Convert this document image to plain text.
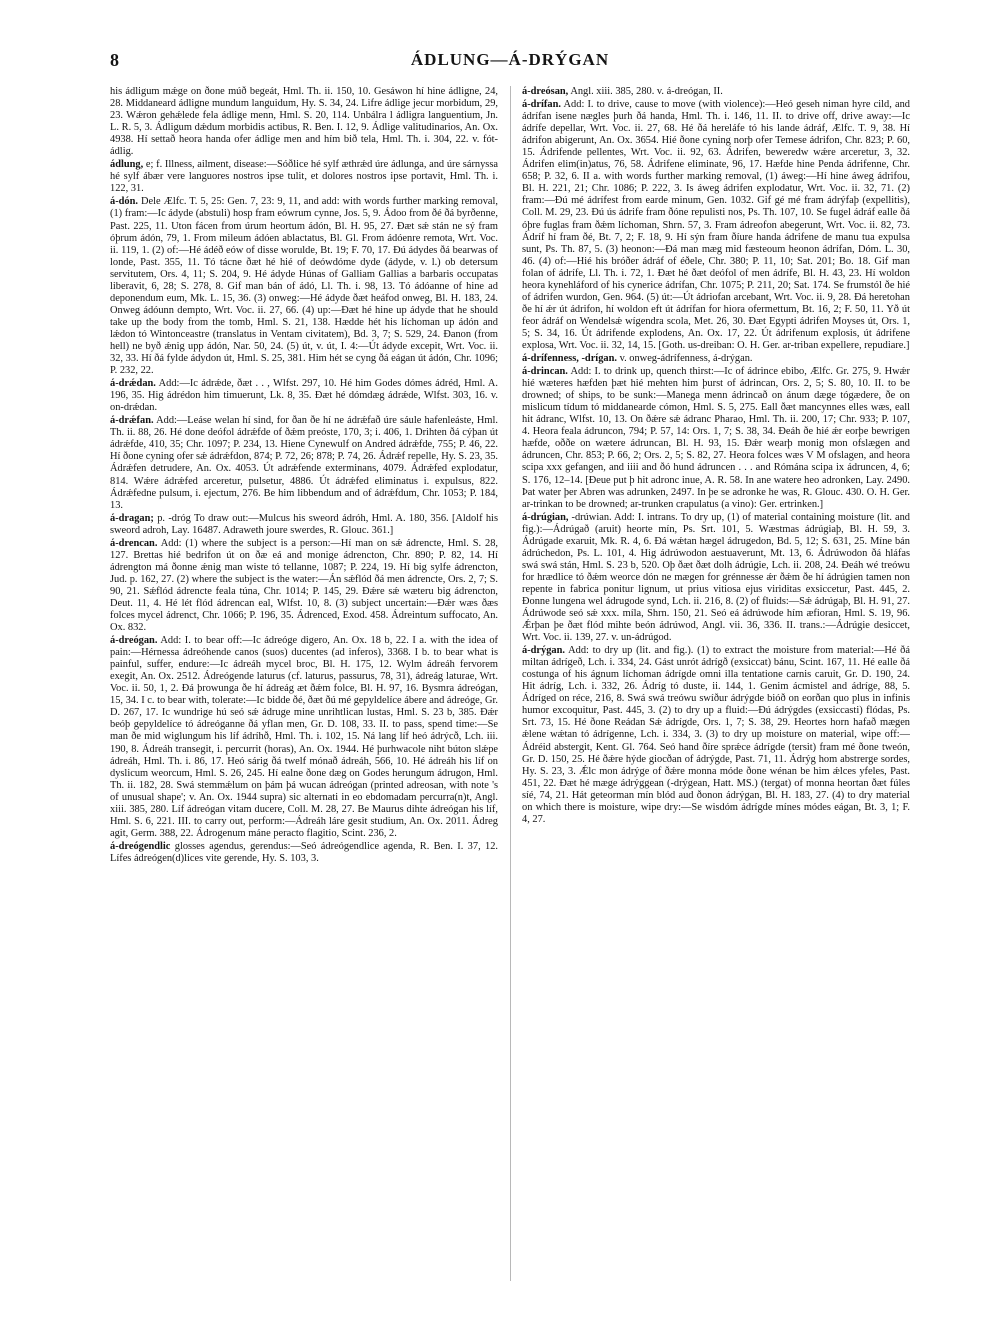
8	ÁDLUNG—Á-DRÝGAN

his ádligum mǽge on ðone múð begeát, Hml. Th. ii. 150, 10. Gesáwon hí hine ádligne, 24, 28. Middaneard ádligne mundum languidum, Hy. S. 34, 24. Lifre ádlige jecur morbidum, 29, 23. Wǽron gehǽlede fela ádlige menn, Hml. S. 20, 114. Unbálra l ádligra languentium, Jn. L. R. 5, 3. Ádligum dǽdum morbidis actibus, R. Ben. I. 12, 9. Ádlige valitudinarios, An. Ox. 4938. Hí settað heora handa ofer ádlige men and hím bið tela, Hml. Th. i. 304, 22. v. fót-ádlig.

ádlung, e; f. Illness, ailment, disease:—Sóðlice hé sylf æthrǽd úre ádlunga, and úre sárnyssa hé sylf ábær vere languores nostros ipse tulit, et dolores nostros ipse portavit, Hml. Th. i. 122, 31.

á-dón. Dele Ælfc. T. 5, 25: Gen. 7, 23: 9, 11, and add: with words further marking removal, (1) fram:—Ic ádyde (abstuli) hosp fram eówrum cynne, Jos. 5, 9. Ádoo from ðé ðá byrðenne, Past. 225, 11. Uton fácen from úrum heortum ádón, Bl. H. 95, 27. Ðæt sǽ stán ne sý fram óþrum ádón, 79, 1. From mileum ádóen ablactatus, Bl. Gl. From ádóenre remota, Wrt. Voc. ii. 119, 1. (2) of:—Hé ádéð eów of disse worulde, Bt. 19; F. 70, 17. Ðú ádydes ðá bearwas of londe, Past. 355, 11. Tó tácne ðæt hé hié of deówdóme dyde (ádyde, v. l.) ob detersum servitutem, Ors. 4, 11; S. 204, 9. Hé ádyde Húnas of Galliam Gallias a barbaris occupatas liberavit, 6, 28; S. 278, 8. Gif man bán of ádó, Ll. Th. i. 98, 13. Tó ádóanne of hine ad deponendum eum, Mk. L. 15, 36. (3) onweg:—Hé ádyde ðæt heáfod onweg, Bl. H. 183, 24. Onweg ádóunn dempto, Wrt. Voc. ii. 27, 66. (4) up:—Ðæt hé hine up ádyde that he should take up the body from the tomb, Hml. S. 21, 138. Hædde hét his líchoman up ádón and lǽdon tó Wintonceastre (translatus in Ventam civitatem), Bd. 3, 7; S. 529, 24. Ðanon (from hell) ne byð ǽnig upp ádón, Nar. 50, 24. (5) út, v. út, I. 4:—Út ádyde excepit, Wrt. Voc. ii. 32, 33. Hí ðá fylde ádydon út, Hml. S. 25, 381. Him hét se cyng ðá eágan út ádón, Chr. 1096; P. 232, 22.

á-drǽdan. Add:—Ic ádrǽde, ðæt . . , Wlfst. 297, 10. Hé him Godes dómes ádréd, Hml. A. 196, 35. Hig ádrédon him timuerunt, Lk. 8, 35. Ðæt hé dómdæg ádrǽde, Wlfst. 303, 16. v. on-drǽdan.

á-drǽfan. Add:—Leáse welan hí sind, for ðan ðe hí ne ádrǽfað úre sáule hafenleáste, Hml. Th. ii. 88, 26. Hé done deófol ádrǽfde of ðǽm preóste, 170, 3; i. 406, 1. Drihten ðá cýþan út ádrǽfde, 410, 35; Chr. 1097; P. 234, 13. Hiene Cynewulf on Andred ádrǽfde, 755; P. 46, 22. Hí ðone cyning ofer sǽ ádrǽfdon, 874; P. 72, 26; 878; P. 74, 26. Ádrǽf repelle, Hy. S. 23, 35. Ádrǽfen detrudere, An. Ox. 4053. Út adrǽfende exterminans, 4079. Ádrǽfed explodatur, 814. Wǽre ádrǽfed arceretur, pulsetur, 4886. Út ádrǽfed eliminatus i. expulsus, 822. Ádrǽfedne pulsum, i. ejectum, 276. Be him libbendum and of ádrǽfdum, Chr. 1053; P. 184, 13.

á-dragan; p. -dróg To draw out:—Mulcus his sweord ádróh, Hml. A. 180, 356. [Aldolf his sweord adroh, Lay. 16487. Adraweth joure swerdes, R. Glouc. 361.]

á-drencan. Add: (1) where the subject is a person:—Hí man on sǽ ádrencte, Hml. S. 28, 127. Brettas hié bedrifon út on ðæ eá and monige ádrencton, Chr. 890; P. 82, 14. Hí ádrengton má ðonne ǽnig man wiste tó tellanne, 1087; P. 224, 19. Hí big sylfe ádrencton, Jud. p. 162, 27. (2) where the subject is the water:—Án sǽflód ðá men ádrencte, Ors. 2, 7; S. 90, 21. Sǽflód ádrencte feala túna, Chr. 1014; P. 145, 29. Ðǽre sǽ wæteru big ádrencton, Deut. 11, 4. Hé lét flód ádrencan eal, Wlfst. 10, 8. (3) subject uncertain:—Ðǽr wæs ðæs folces mycel ádrenct, Chr. 1066; P. 196, 35. Ádrenced, Exod. 458. Ádreintum suffocato, An. Ox. 832.

á-dreógan. Add: I. to bear off:—Ic ádreóge digero, An. Ox. 18 b, 22. I a. with the idea of pain:—Hérnessa ádreóhende canos (suos) ducentes (ad inferos), 3368. I b. to bear what is painful, suffer, endure:—Ic ádreáh mycel broc, Bl. H. 175, 12. Wylm ádreáh fervorem exegit, An. Ox. 2512. Ádreógende laturus (cf. laturus, passurus, 78, 31), ádreág laturae, Wrt. Voc. ii. 50, 1, 2. Ðá þrowunga ðe hí ádreág æt ðǽm folce, Bl. H. 97, 16. Bysmra ádreógan, 15, 34. I c. to bear with, tolerate:—Ic bidde ðé, ðæt ðú mé gepyldelíce ábere and ádreóge, Gr. D. 267, 17. Ic wundrige hú seó sǽ ádruge mine unrihtlican lustas, Hml. S. 23 b, 385. Ðǽr beóþ gepyldelíce tó ádreóganne ðá yflan men, Gr. D. 108, 33. II. to pass, spend time:—Se man ðe mid wiglungum his líf ádríhð, Hml. Th. i. 102, 15. Ná lang líf heó ádrýcð, Lch. iii. 190, 8. Ádreáh transegit, i. percurrit (horas), An. Ox. 1944. Hé þurhwacole niht búton slǽpe ádreáh, Hml. Th. i. 86, 17. Heó sárig ðá twelf mónað ádreáh, 566, 10. Hé ádreáh his líf on dyslicum weorcum, Hml. S. 26, 245. Hí ealne ðone dæg on Godes herungum ádrugon, Hml. Th. ii. 182, 28. Swá stemmǽlum on þám þá wucan ádreógan (printed adreosan, with note 's of unusual shape'; v. An. Ox. 1944 supra) sic alternati in eo ebdomadam percurra(n)t, Angl. xiii. 385, 280. Líf ádreógan vitam ducere, Coll. M. 28, 27. Be Maurus dihte ádreógan his líf, Hml. S. 6, 221. III. to carry out, perform:—Ádreáh láre gesit studium, An. Ox. 2011. Ádreg agit, Germ. 388, 22. Ádrogenum máne peracto flagitio, Scint. 236, 2.

á-dreógendlic glosses agendus, gerendus:—Seó ádreógendlice agenda, R. Ben. I. 37, 12. Lífes ádreógen(d)lices vite gerende, Hy. S. 103, 3.

á-dreósan, Angl. xiii. 385, 280. v. á-dreógan, II.

á-drífan. Add: I. to drive, cause to move (with violence):—Heó geseh niman hyre cild, and ádrífan isene nægles þurh ðá handa, Hml. Th. i. 146, 11. II. to drive off, drive away:—Ic ádrífe depellar, Wrt. Voc. ii. 27, 68. Hé ðá hereláfe tó his lande ádráf, Ælfc. T. 9, 38. Hí ádrifon abigerunt, An. Ox. 3654. Hié ðone cyning norþ ofer Temese ádrifon, Chr. 823; P. 60, 15. Ádrifende pellentes, Wrt. Voc. ii. 92, 63. Ádrifen, beweredw wǽre arceretur, 3, 32. Ádrifen elim(in)atus, 76, 58. Ádrifene eliminate, 96, 17. Hæfde hine Penda ádrifenne, Chr. 658; P. 32, 6. II a. with words further marking removal, (1) áweg:—Hí hine áweg ádrifou, Bl. H. 221, 21; Chr. 1086; P. 222, 3. Is áweg ádrifen explodatur, Wrt. Voc. ii. 32, 71. (2) fram:—Ðú mé ádrífest from earde minum, Gen. 1032. Gif gé mé fram ádrýfaþ (expellitis), Coll. M. 29, 23. Ðú ús ádrife fram ðóne repulisti nos, Ps. Th. 107, 10. Se fugel ádráf ealle ðá óþre fuglas fram ðǽm líchoman, Shrn. 57, 3. Fram ádreofon abegerunt, Wrt. Voc. ii. 82, 73. Ádríf hí fram ðé, Bt. 7, 2; F. 18, 9. Hí sýn fram ðíure handa ádrifene de manu tua expulsa sunt, Ps. Th. 87, 5. (3) heonon:—Ðá man mæg mid fæsteoum heonon ádrífan, Dóm. L. 30, 46. (4) of:—Hié his bróðer ádráf of éðele, Chr. 380; P. 11, 10; Sat. 201; Bo. 18. Gif man folan of ádrífe, Ll. Th. i. 72, 1. Ðæt hé ðæt deófol of men ádrífe, Bl. H. 43, 23. Hí woldon heora kynehláford of his cynerice ádrífan, Chr. 1075; P. 211, 20; Sat. 174. Se frumstól ðe hié of ádrifen wurdon, Gen. 964. (5) út:—Út ádriofan arcebant, Wrt. Voc. ii. 9, 28. Ðá heretohan ðe hí ǽr út ádrifon, hí woldon eft út ádrífan for hiora ofermettum, Bt. 16, 2; F. 50, 11. Yð út feor ádráf on Wendelsǽ wígendra scola, Met. 26, 30. Ðæt Egypti ádrifen Moyses út, Ors. 1, 5; S. 34, 16. Út ádrifende explodens, An. Ox. 17, 22. Út ádrifenum explosis, út ádrifene explosa, Wrt. Voc. ii. 32, 14, 15. [Goth. us-dreiban: O. H. Ger. ar-triban expellere, repudiare.]

á-drífenness, -drígan. v. onweg-ádrífenness, á-drýgan.

á-drincan. Add: I. to drink up, quench thirst:—Ic of ádrince ebibo, Ælfc. Gr. 275, 9. Hwǽr hié wæteres hæfden þæt hié mehten him þurst of ádrincan, Ors. 2, 5; S. 80, 10. II. to be drowned; of ships, to be sunk:—Manega menn ádrincað on ánum dæge tógædere, ðe on mislicum tídum tó middanearde cómon, Hml. S. 5, 275. Eall ðæt mancynnes elles wæs, eall hit ádranc, Wlfst. 10, 13. On ðǽre sǽ ádranc Pharao, Hml. Th. ii. 200, 17; Chr. 933; P. 107, 4. Heora feala ádruncon, 794; P. 57, 14: Ors. 1, 7; S. 38, 34. Ðeáh ðe hié ǽr eorþe bewrigen hæfde, oððe on wætere ádruncan, Bl. H. 93, 15. Ðǽr wearþ monig mon ofslægen and ádruncen, Chr. 853; P. 66, 2; Ors. 2, 5; S. 82, 27. Heora folces wæs V M ofslagen, and heora scipa xxx gefangen, and iiii and ðó hund ádruncen . . . and Rómána scipa ix ádruncen, 4, 6; S. 176, 12–14. [Ðeue put þ hit adronc inue, A. R. 58. In ane watere heo adronken, Lay. 2490. Þat water þer Abren was adrunken, 2497. In þe se adronke he was, R. Glouc. 430. O. H. Ger. ar-trinkan to be drowned; ar-trunken crapulatus (a vino): Ger. ertrinken.]

á-drúgian, -drúwian. Add: I. intrans. To dry up, (1) of material containing moisture (lit. and fig.):—Ádrúgað (aruit) heorte mín, Ps. Srt. 101, 5. Wæstmas ádrúgiaþ, Bl. H. 59, 3. Ádrúgade exaruit, Mk. R. 4, 6. Ðá wǽtan hægel ádrugedon, Bd. 5, 12; S. 631, 25. Míne bán ádrúchedon, Ps. L. 101, 4. Hig ádrúwodon aestuaverunt, Mt. 13, 6. Ádrúwodon ðá hláfas swá swá stán, Hml. S. 23 b, 520. Oþ ðæt ðæt dolh ádrúgie, Lch. ii. 208, 24. Ðeáh wé treówu for hrædlice tó ðǽm weorce dón ne mægen for grénnesse ǽr ðǽm ðe hí ádrúgien tamen non repente in fabrica ponitur lignum, ut prius vitiosa ejus viriditas exsiccetur, Past. 445, 2. Ðonne lungena wel ádrugode synd, Lch. ii. 216, 8. (2) of fluids:—Sǽ ádrúgaþ, Bl. H. 91, 27. Ádrúwode seó sǽ xxx. míla, Shrn. 150, 21. Seó eá ádrúwode hím æfioran, Hml. S. 19, 96. Ǽrþan þe ðæt flód mihte beón ádrúwod, Angl. vii. 36, 336. II. trans.:—Ádrúgie desiccet, Wrt. Voc. ii. 139, 27. v. un-ádrúgod.

á-drýgan. Add: to dry up (lit. and fig.). (1) to extract the moisture from material:—Hé ðá miltan ádrígeð, Lch. i. 334, 24. Gást unrót ádrígð (exsiccat) bánu, Scint. 167, 11. Hé ealle ðá costunga of his ágnum líchoman ádrígde omni illa tentatione carnis caruit, Gr. D. 190, 24. Hit ádríg, Lch. i. 332, 26. Ádríg tó duste, ii. 144, 1. Genim ácmistel and ádríge, 88, 5. Ádríged on réce, 216, 8. Swá swá treówu swíður ádrýgde bióð on eorðan quo plus in infinis humor excoquitur, Past. 445, 3. (2) to dry up a fluid:—Ðú ádrýgdes (exsiccasti) flódas, Ps. Srt. 73, 15. Hé ðone Reádan Sǽ ádrígde, Ors. 1, 7; S. 38, 29. Heortes horn hafað mægen ǽlene wǽtan tó ádrígenne, Lch. i. 334, 3. (3) to dry up moisture on material, wipe off:—Ádréid abstergit, Kent. Gl. 764. Seó hand ðíre sprǽce ádrígde (tersit) fram mé ðone tweón, Gr. D. 150, 25. Hé ðǽre hýde giocðan of ádrýgde, Past. 71, 11. Ádrýg hom abstrerge sordes, Hy. S. 23, 3. Ǽlc mon ádrýge of ðǽre monna móde ðone wénan be him ǽlces yfeles, Past. 451, 22. Ðæt hé mæge ádrýggean (-drýgean, Hatt. MS.) (tergat) of monna heortan ðæt fúles síé, 74, 21. Hát geteorman mín blód aud ðonon ádrýgan, Bl. H. 183, 27. (4) to dry material on which there is moisture, wipe dry:—Se wisdóm ádrígde mínes módes eágan, Bt. 3, 1; F. 4, 27.
